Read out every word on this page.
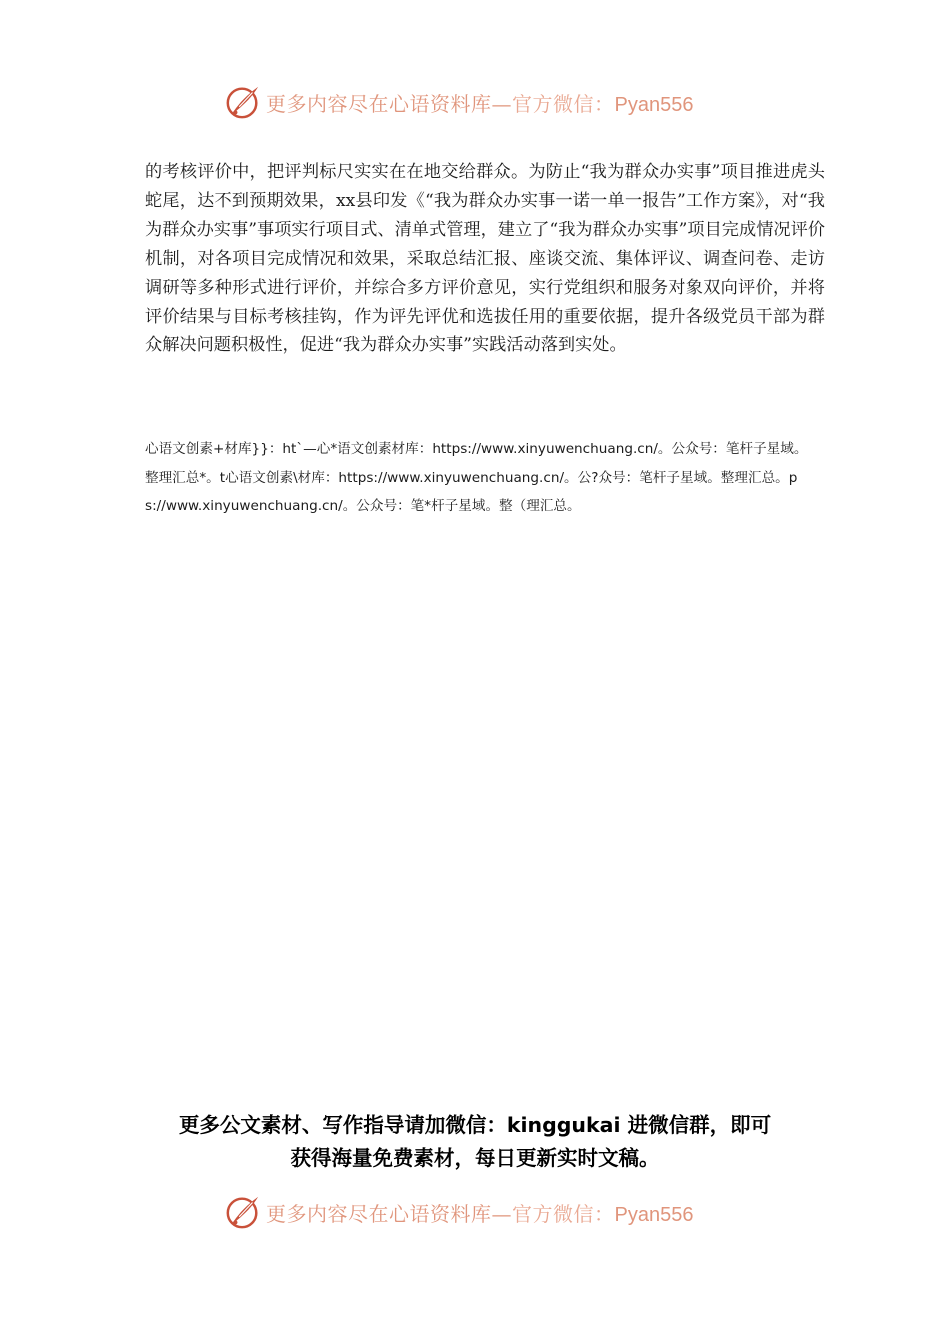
更多内容尽在心语资料库—官方微信：Pyan556

的考核评价中，把评判标尺实实在在地交给群众。为防止“我为群众办实事”项目推进虎头蛇尾，达不到预期效果，xx县印发《“我为群众办实事一诺一单一报告”工作方案》，对“我为群众办实事”事项实行项目式、清单式管理，建立了“我为群众办实事”项目完成情况评价机制，对各项目完成情况和效果，采取总结汇报、座谈交流、集体评议、调查问卷、走访调研等多种形式进行评价，并综合多方评价意见，实行党组织和服务对象双向评价，并将评价结果与目标考核挂钩，作为评先评优和选拔任用的重要依据，提升各级党员干部为群众解决问题积极性，促进“我为群众办实事”实践活动落到实处。

心语文创素+材库}}：ht`—心*语文创素材库：https://www.xinyuwenchuang.cn/。公众号：笔杆子星域。整理汇总*。t心语文创素\材库：https://www.xinyuwenchuang.cn/。公?众号：笔杆子星域。整理汇总。ps://www.xinyuwenchuang.cn/。公众号：笔*杆子星域。整（理汇总。

更多公文素材、写作指导请加微信：kinggukai 进微信群，即可
获得海量免费素材，每日更新实时文稿。
更多内容尽在心语资料库—官方微信：Pyan556
